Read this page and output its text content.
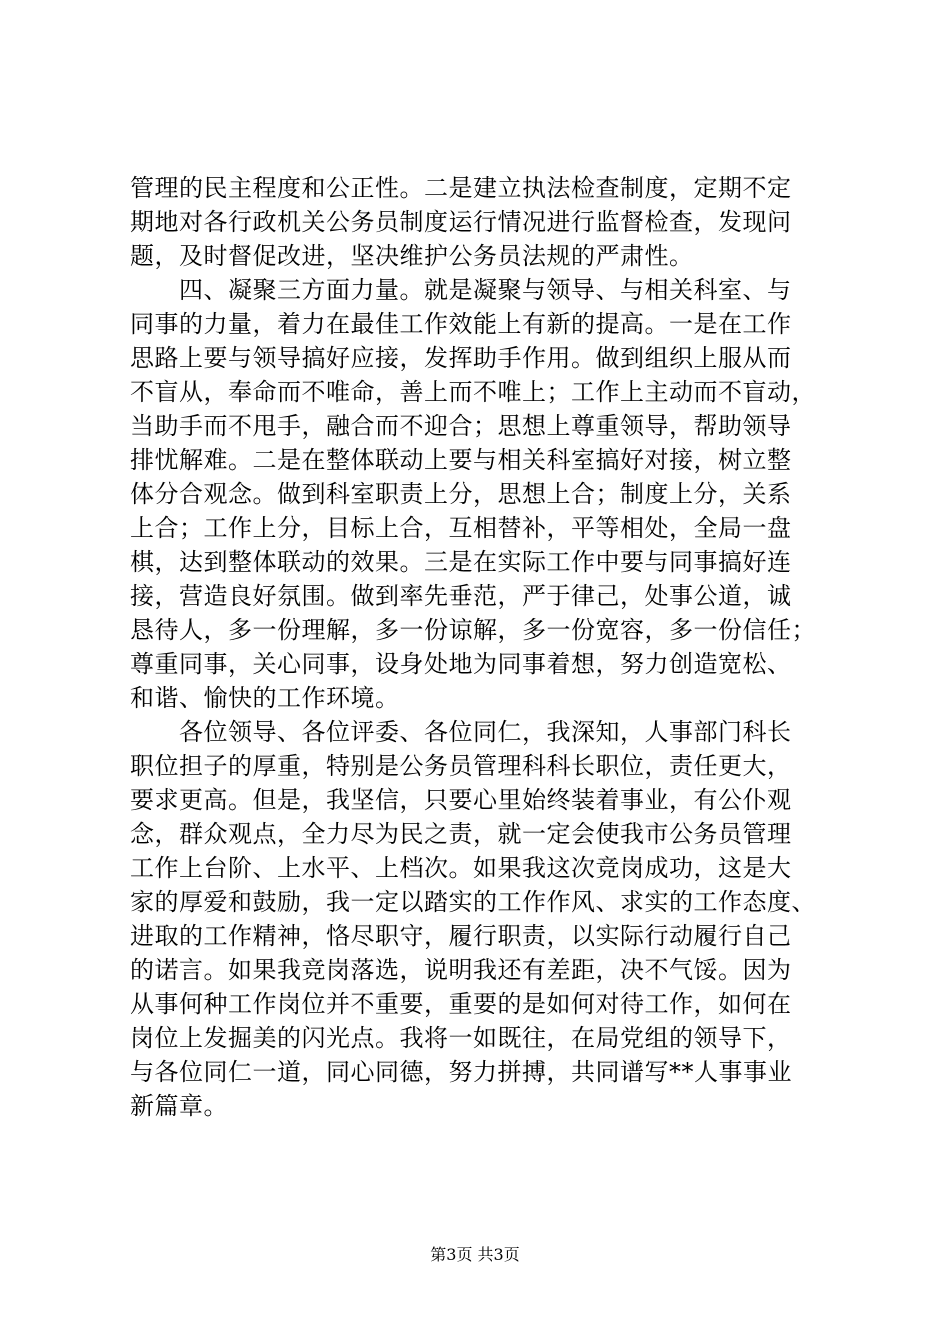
管理的民主程度和公正性。二是建立执法检查制度，定期不定
期地对各行政机关公务员制度运行情况进行监督检查，发现问
题，及时督促改进，坚决维护公务员法规的严肃性。
　　四、凝聚三方面力量。就是凝聚与领导、与相关科室、与
同事的力量，着力在最佳工作效能上有新的提高。一是在工作
思路上要与领导搞好应接，发挥助手作用。做到组织上服从而
不盲从，奉命而不唯命，善上而不唯上；工作上主动而不盲动，
当助手而不甩手，融合而不迎合；思想上尊重领导，帮助领导
排忧解难。二是在整体联动上要与相关科室搞好对接，树立整
体分合观念。做到科室职责上分，思想上合；制度上分，关系
上合；工作上分，目标上合，互相替补，平等相处，全局一盘
棋，达到整体联动的效果。三是在实际工作中要与同事搞好连
接，营造良好氛围。做到率先垂范，严于律己，处事公道，诚
恳待人，多一份理解，多一份谅解，多一份宽容，多一份信任；
尊重同事，关心同事，设身处地为同事着想，努力创造宽松、
和谐、愉快的工作环境。
　　各位领导、各位评委、各位同仁，我深知，人事部门科长
职位担子的厚重，特别是公务员管理科科长职位，责任更大，
要求更高。但是，我坚信，只要心里始终装着事业，有公仆观
念，群众观点，全力尽为民之责，就一定会使我市公务员管理
工作上台阶、上水平、上档次。如果我这次竞岗成功，这是大
家的厚爱和鼓励，我一定以踏实的工作作风、求实的工作态度、
进取的工作精神，恪尽职守，履行职责，以实际行动履行自己
的诺言。如果我竞岗落选，说明我还有差距，决不气馁。因为
从事何种工作岗位并不重要，重要的是如何对待工作，如何在
岗位上发掘美的闪光点。我将一如既往，在局党组的领导下，
与各位同仁一道，同心同德，努力拼搏，共同谱写**人事事业
新篇章。
第3页 共3页
